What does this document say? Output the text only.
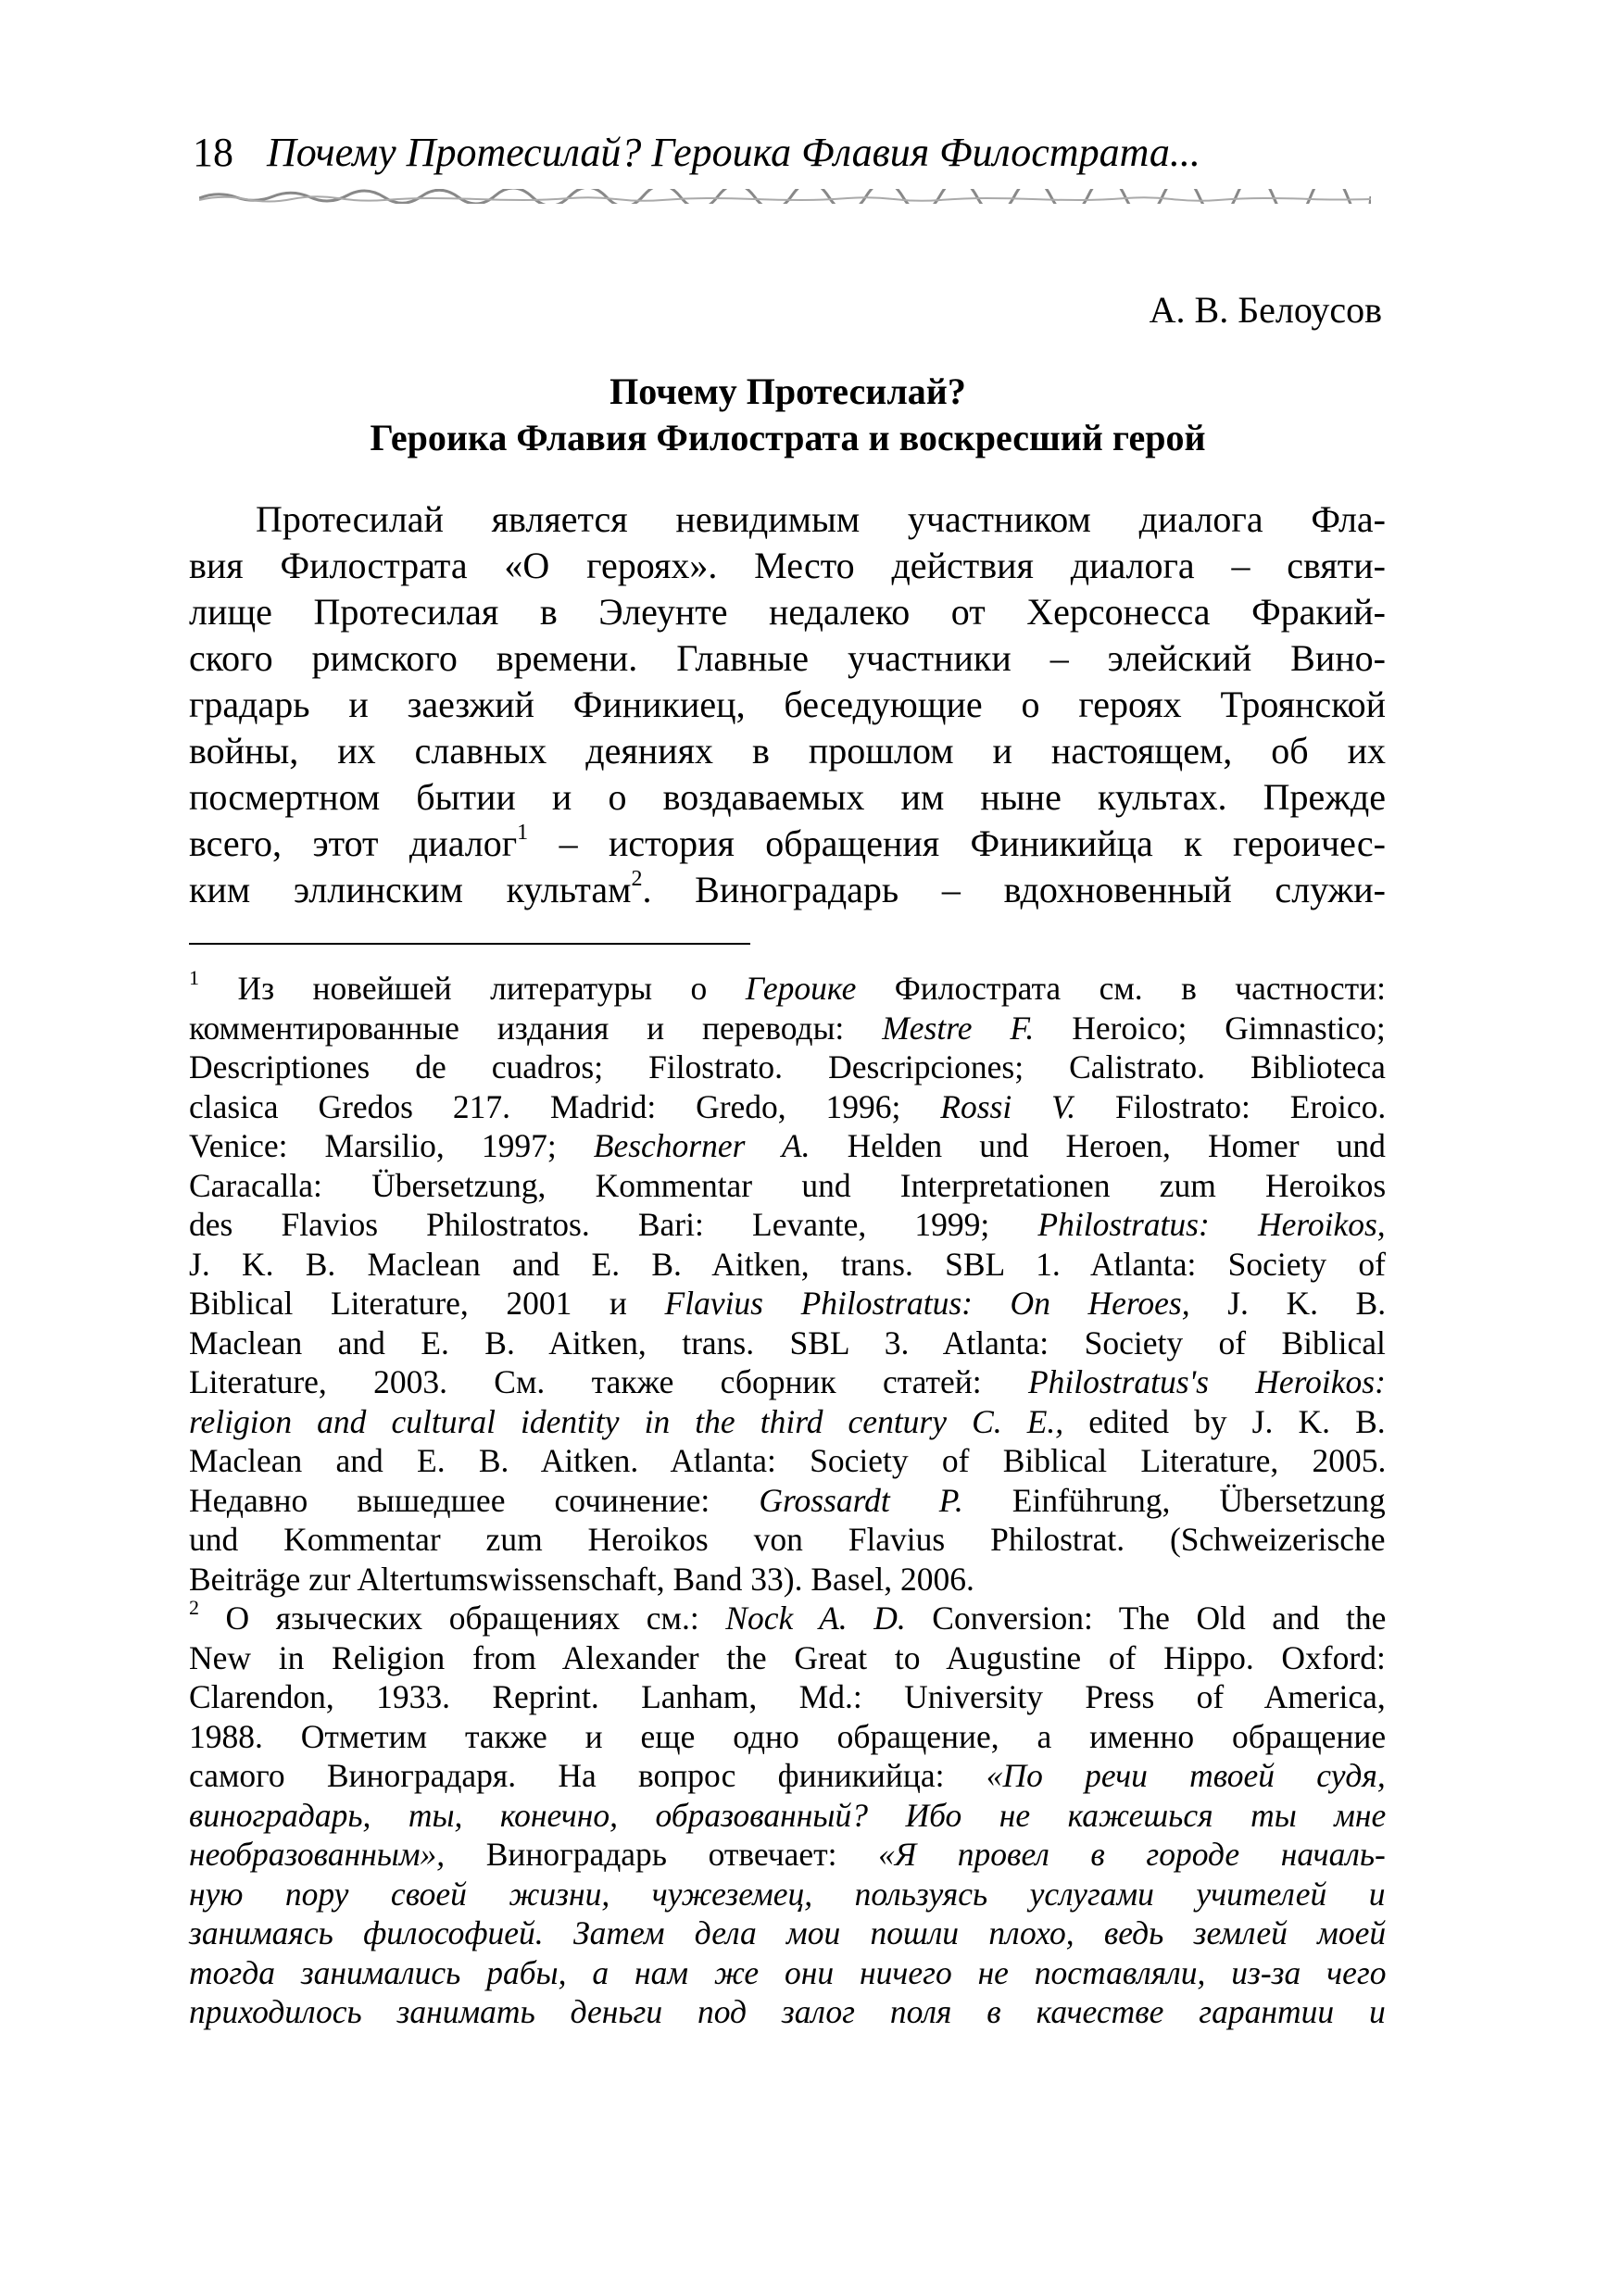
18 Почему Протесилай? Героика Флавия Филострата...
А. В. Белоусов
Почему Протесилай?
Героика Флавия Филострата и воскресший герой
Протесилай является невидимым участником диалога Фла-
вия Филострата «О героях». Место действия диалога – святи-
лище Протесилая в Элеунте недалеко от Херсонесса Фракий-
ского римского времени. Главные участники – элейский Вино-
градарь и заезжий Финикиец, беседующие о героях Троянской
войны, их славных деяниях в прошлом и настоящем, об их
посмертном бытии и о воздаваемых им ныне культах. Прежде
всего, этот диалог$^1$ – история обращения Финикийца к героичес-
ким эллинским культам$^2$. Виноградарь – вдохновенный служи-
$^1$ Из новейшей литературы о Героике Филострата см. в частности:
комментированные издания и переводы: Mestre F. Heroico; Gimnastico;
Descriptiones de cuadros; Filostrato. Descripciones; Calistrato. Biblioteca
clasica Gredos 217. Madrid: Gredo, 1996; Rossi V. Filostrato: Eroico.
Venice: Marsilio, 1997; Beschorner A. Helden und Heroen, Homer und
Caracalla: Übersetzung, Kommentar und Interpretationen zum Heroikos
des Flavios Philostratos. Bari: Levante, 1999; Philostratus: Heroikos,
J. K. B. Maclean and E. B. Aitken, trans. SBL 1. Atlanta: Society of
Biblical Literature, 2001 и Flavius Philostratus: On Heroes, J. K. B.
Maclean and E. B. Aitken, trans. SBL 3. Atlanta: Society of Biblical
Literature, 2003. См. также сборник статей: Philostratus's Heroikos:
religion and cultural identity in the third century C. E., edited by J. K. B.
Maclean and E. B. Aitken. Atlanta: Society of Biblical Literature, 2005.
Недавно вышедшее сочинение: Grossardt P. Einführung, Übersetzung
und Kommentar zum Heroikos von Flavius Philostrat. (Schweizerische
Beiträge zur Altertumswissenschaft, Band 33). Basel, 2006.
$^2$ О языческих обращениях см.: Nock A. D. Conversion: The Old and the
New in Religion from Alexander the Great to Augustine of Hippo. Oxford:
Clarendon, 1933. Reprint. Lanham, Md.: University Press of America,
1988. Отметим также и еще одно обращение, а именно обращение
самого Виноградаря. На вопрос финикийца: «По речи твоей судя,
виноградарь, ты, конечно, образованный? Ибо не кажешься ты мне
необразованным», Виноградарь отвечает: «Я провел в городе началь-
ную пору своей жизни, чужеземец, пользуясь услугами учителей и
занимаясь философией. Затем дела мои пошли плохо, ведь землей моей
тогда занимались рабы, а нам же они ничего не поставляли, из-за чего
приходилось занимать деньги под залог поля в качестве гарантии и
